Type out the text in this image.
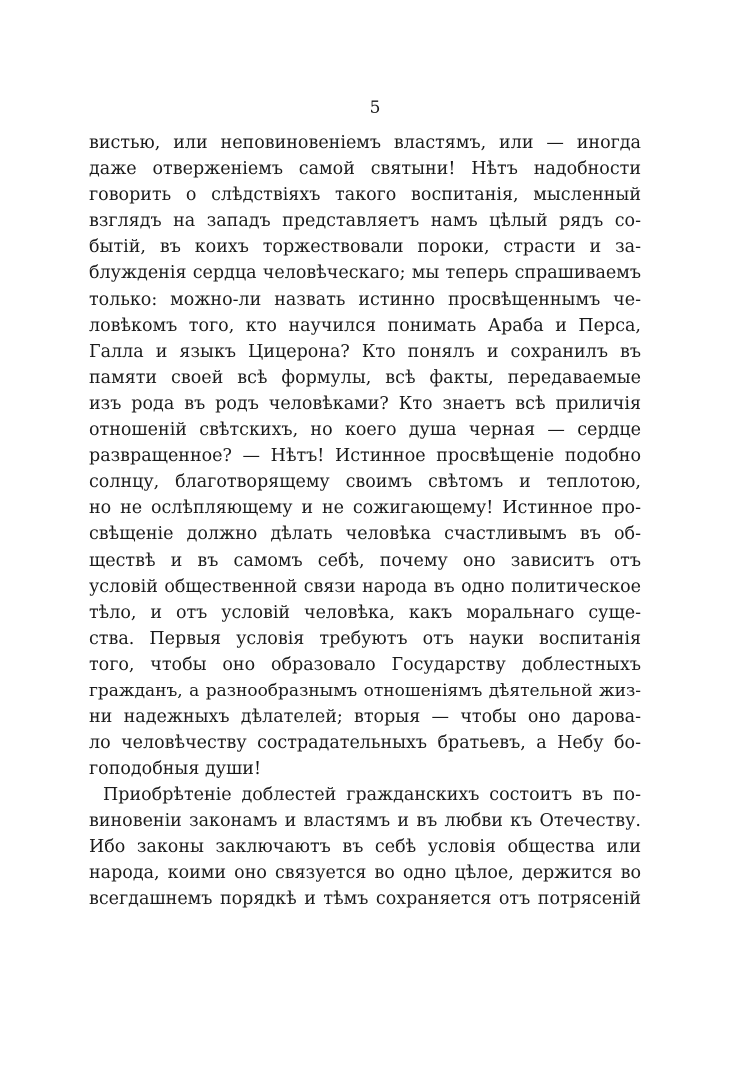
5
вистью, или неповиновеніемъ властямъ, или — иногда
даже отверженіемъ самой святыни! Нѣтъ надобности
говорить о слѣдствіяхъ такого воспитанія, мысленный
взглядъ на западъ представляетъ намъ цѣлый рядъ со-
бытій, въ коихъ торжествовали пороки, страсти и за-
блужденія сердца человѣческаго; мы теперь спрашиваемъ
только: можно-ли назвать истинно просвѣщеннымъ че-
ловѣкомъ того, кто научился понимать Араба и Перса,
Галла и языкъ Цицерона? Кто понялъ и сохранилъ въ
памяти своей всѣ формулы, всѣ факты, передаваемые
изъ рода въ родъ человѣками? Кто знаетъ всѣ приличія
отношеній свѣтскихъ, но коего душа черная — сердце
развращенное? — Нѣтъ! Истинное просвѣщеніе подобно
солнцу, благотворящему своимъ свѣтомъ и теплотою,
но не ослѣпляющему и не сожигающему! Истинное про-
свѣщеніе должно дѣлать человѣка счастливымъ въ об-
ществѣ и въ самомъ себѣ, почему оно зависитъ отъ
условій общественной связи народа въ одно политическое
тѣло, и отъ условій человѣка, какъ моральнаго суще-
ства. Первыя условія требуютъ отъ науки воспитанія
того, чтобы оно образовало Государству доблестныхъ
гражданъ, а разнообразнымъ отношеніямъ дѣятельной жиз-
ни надежныхъ дѣлателей; вторыя — чтобы оно дарова-
ло человѣчеству сострадательныхъ братьевъ, а Небу бо-
гоподобныя души!
Приобрѣтеніе доблестей гражданскихъ состоитъ въ по-
виновеніи законамъ и властямъ и въ любви къ Отечеству.
Ибо законы заключаютъ въ себѣ условія общества или
народа, коими оно связуется во одно цѣлое, держится во
всегдашнемъ порядкѣ и тѣмъ сохраняется отъ потрясеній
